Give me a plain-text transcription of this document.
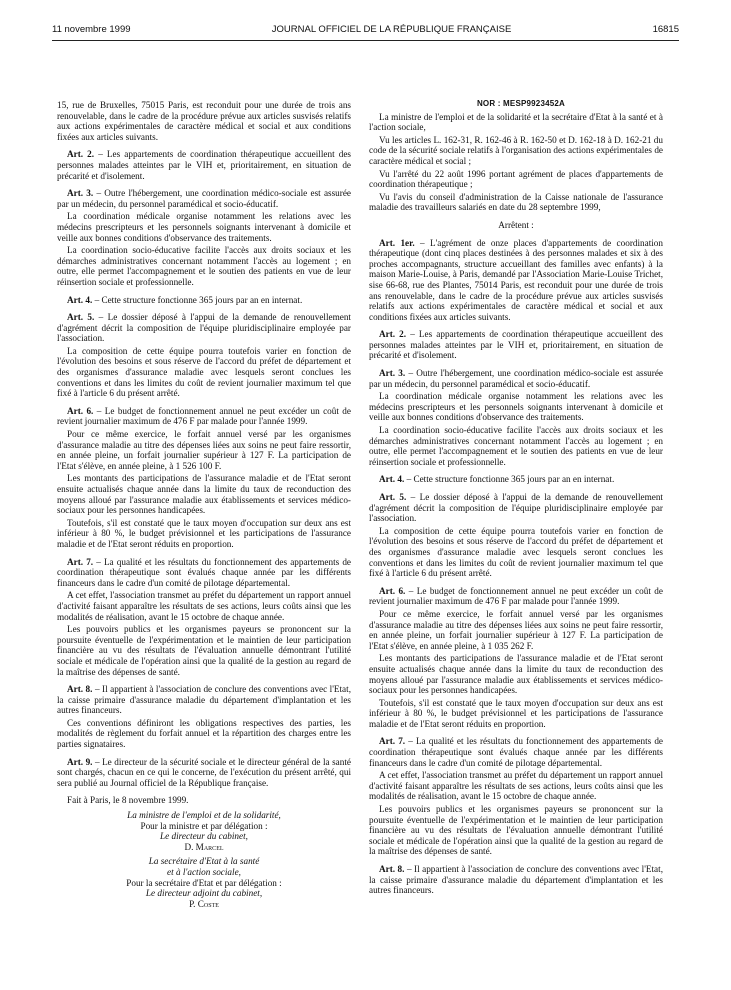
11 novembre 1999	JOURNAL OFFICIEL DE LA RÉPUBLIQUE FRANÇAISE	16815

15, rue de Bruxelles, 75015 Paris, est reconduit pour une durée de trois ans renouvelable, dans le cadre de la procédure prévue aux articles susvisés relatifs aux actions expérimentales de caractère médical et social et aux conditions fixées aux articles suivants.

Art. 2. – Les appartements de coordination thérapeutique accueillent des personnes malades atteintes par le VIH et, prioritairement, en situation de précarité et d'isolement.

Art. 3. – Outre l'hébergement, une coordination médico-sociale est assurée par un médecin, du personnel paramédical et socio-éducatif.

La coordination médicale organise notamment les relations avec les médecins prescripteurs et les personnels soignants intervenant à domicile et veille aux bonnes conditions d'observance des traitements.

La coordination socio-éducative facilite l'accès aux droits sociaux et les démarches administratives concernant notamment l'accès au logement ; en outre, elle permet l'accompagnement et le soutien des patients en vue de leur réinsertion sociale et professionnelle.

Art. 4. – Cette structure fonctionne 365 jours par an en internat.

Art. 5. – Le dossier déposé à l'appui de la demande de renouvellement d'agrément décrit la composition de l'équipe pluridisciplinaire employée par l'association.

La composition de cette équipe pourra toutefois varier en fonction de l'évolution des besoins et sous réserve de l'accord du préfet de département et des organismes d'assurance maladie avec lesquels seront conclues les conventions et dans les limites du coût de revient journalier maximum tel que fixé à l'article 6 du présent arrêté.

Art. 6. – Le budget de fonctionnement annuel ne peut excéder un coût de revient journalier maximum de 476 F par malade pour l'année 1999.

Pour ce même exercice, le forfait annuel versé par les organismes d'assurance maladie au titre des dépenses liées aux soins ne peut faire ressortir, en année pleine, un forfait journalier supérieur à 127 F. La participation de l'Etat s'élève, en année pleine, à 1 526 100 F.

Les montants des participations de l'assurance maladie et de l'Etat seront ensuite actualisés chaque année dans la limite du taux de reconduction des moyens alloué par l'assurance maladie aux établissements et services médico-sociaux pour les personnes handicapées.

Toutefois, s'il est constaté que le taux moyen d'occupation sur deux ans est inférieur à 80 %, le budget prévisionnel et les participations de l'assurance maladie et de l'Etat seront réduits en proportion.

Art. 7. – La qualité et les résultats du fonctionnement des appartements de coordination thérapeutique sont évalués chaque année par les différents financeurs dans le cadre d'un comité de pilotage départemental.

A cet effet, l'association transmet au préfet du département un rapport annuel d'activité faisant apparaître les résultats de ses actions, leurs coûts ainsi que les modalités de réalisation, avant le 15 octobre de chaque année.

Les pouvoirs publics et les organismes payeurs se prononcent sur la poursuite éventuelle de l'expérimentation et le maintien de leur participation financière au vu des résultats de l'évaluation annuelle démontrant l'utilité sociale et médicale de l'opération ainsi que la qualité de la gestion au regard de la maîtrise des dépenses de santé.

Art. 8. – Il appartient à l'association de conclure des conventions avec l'Etat, la caisse primaire d'assurance maladie du département d'implantation et les autres financeurs.

Ces conventions définiront les obligations respectives des parties, les modalités de règlement du forfait annuel et la répartition des charges entre les parties signataires.

Art. 9. – Le directeur de la sécurité sociale et le directeur général de la santé sont chargés, chacun en ce qui le concerne, de l'exécution du présent arrêté, qui sera publié au Journal officiel de la République française.

Fait à Paris, le 8 novembre 1999.

La ministre de l'emploi et de la solidarité,

Pour la ministre et par délégation :

Le directeur du cabinet,

D. Marcel

La secrétaire d'Etat à la santé

et à l'action sociale,

Pour la secrétaire d'Etat et par délégation :

Le directeur adjoint du cabinet,

P. Coste

NOR : MESP9923452A

La ministre de l'emploi et de la solidarité et la secrétaire d'Etat à la santé et à l'action sociale,

Vu les articles L. 162-31, R. 162-46 à R. 162-50 et D. 162-18 à D. 162-21 du code de la sécurité sociale relatifs à l'organisation des actions expérimentales de caractère médical et social ;

Vu l'arrêté du 22 août 1996 portant agrément de places d'appartements de coordination thérapeutique ;

Vu l'avis du conseil d'administration de la Caisse nationale de l'assurance maladie des travailleurs salariés en date du 28 septembre 1999,

Arrêtent :

Art. 1er. – L'agrément de onze places d'appartements de coordination thérapeutique (dont cinq places destinées à des personnes malades et six à des proches accompagnants, structure accueillant des familles avec enfants) à la maison Marie-Louise, à Paris, demandé par l'Association Marie-Louise Trichet, sise 66-68, rue des Plantes, 75014 Paris, est reconduit pour une durée de trois ans renouvelable, dans le cadre de la procédure prévue aux articles susvisés relatifs aux actions expérimentales de caractère médical et social et aux conditions fixées aux articles suivants.

Art. 2. – Les appartements de coordination thérapeutique accueillent des personnes malades atteintes par le VIH et, prioritairement, en situation de précarité et d'isolement.

Art. 3. – Outre l'hébergement, une coordination médico-sociale est assurée par un médecin, du personnel paramédical et socio-éducatif.

La coordination médicale organise notamment les relations avec les médecins prescripteurs et les personnels soignants intervenant à domicile et veille aux bonnes conditions d'observance des traitements.

La coordination socio-éducative facilite l'accès aux droits sociaux et les démarches administratives concernant notamment l'accès au logement ; en outre, elle permet l'accompagnement et le soutien des patients en vue de leur réinsertion sociale et professionnelle.

Art. 4. – Cette structure fonctionne 365 jours par an en internat.

Art. 5. – Le dossier déposé à l'appui de la demande de renouvellement d'agrément décrit la composition de l'équipe pluridisciplinaire employée par l'association.

La composition de cette équipe pourra toutefois varier en fonction de l'évolution des besoins et sous réserve de l'accord du préfet de département et des organismes d'assurance maladie avec lesquels seront conclues les conventions et dans les limites du coût de revient journalier maximum tel que fixé à l'article 6 du présent arrêté.

Art. 6. – Le budget de fonctionnement annuel ne peut excéder un coût de revient journalier maximum de 476 F par malade pour l'année 1999.

Pour ce même exercice, le forfait annuel versé par les organismes d'assurance maladie au titre des dépenses liées aux soins ne peut faire ressortir, en année pleine, un forfait journalier supérieur à 127 F. La participation de l'Etat s'élève, en année pleine, à 1 035 262 F.

Les montants des participations de l'assurance maladie et de l'Etat seront ensuite actualisés chaque année dans la limite du taux de reconduction des moyens alloué par l'assurance maladie aux établissements et services médico-sociaux pour les personnes handicapées.

Toutefois, s'il est constaté que le taux moyen d'occupation sur deux ans est inférieur à 80 %, le budget prévisionnel et les participations de l'assurance maladie et de l'Etat seront réduits en proportion.

Art. 7. – La qualité et les résultats du fonctionnement des appartements de coordination thérapeutique sont évalués chaque année par les différents financeurs dans le cadre d'un comité de pilotage départemental.

A cet effet, l'association transmet au préfet du département un rapport annuel d'activité faisant apparaître les résultats de ses actions, leurs coûts ainsi que les modalités de réalisation, avant le 15 octobre de chaque année.

Les pouvoirs publics et les organismes payeurs se prononcent sur la poursuite éventuelle de l'expérimentation et le maintien de leur participation financière au vu des résultats de l'évaluation annuelle démontrant l'utilité sociale et médicale de l'opération ainsi que la qualité de la gestion au regard de la maîtrise des dépenses de santé.

Art. 8. – Il appartient à l'association de conclure des conventions avec l'Etat, la caisse primaire d'assurance maladie du département d'implantation et les autres financeurs.
